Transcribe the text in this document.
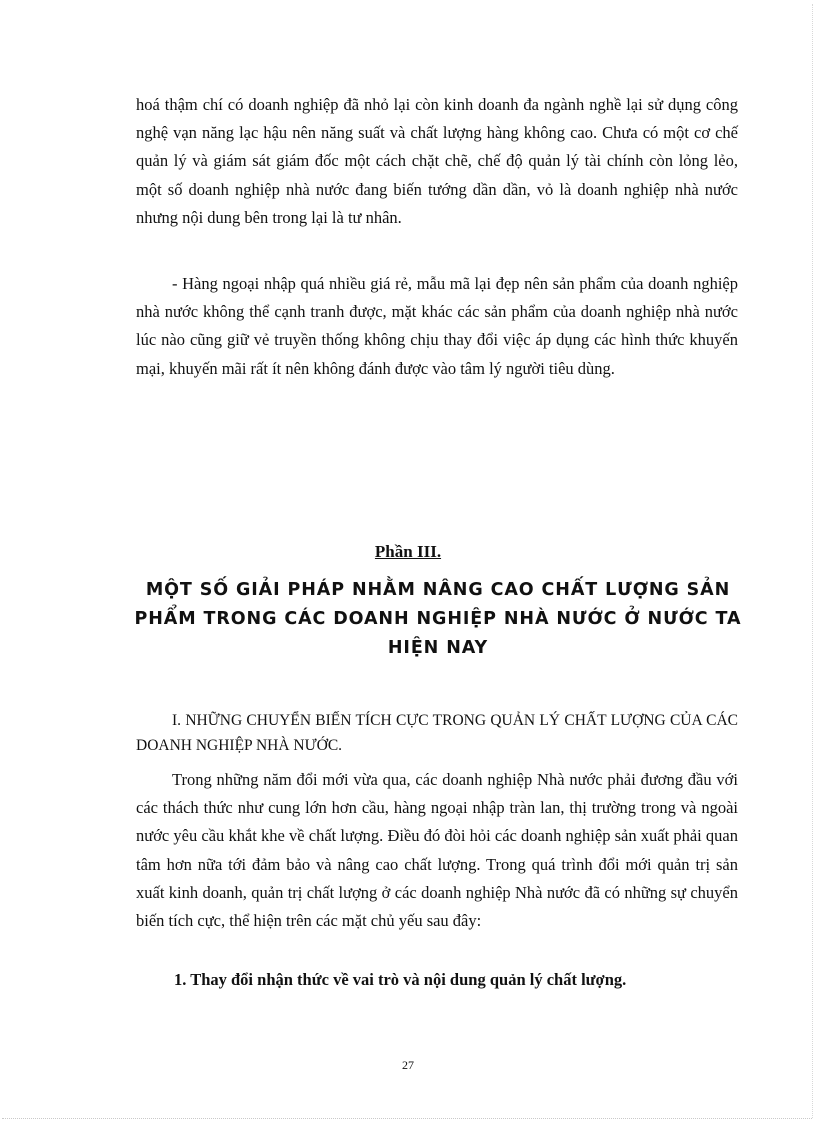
hoá thậm chí có doanh nghiệp đã nhỏ lại còn kinh doanh đa ngành nghề lại sử dụng công nghệ vạn năng lạc hậu nên năng suất và chất lượng hàng không cao. Chưa có một cơ chế quản lý và giám sát giám đốc một cách chặt chẽ, chế độ quản lý tài chính còn lỏng lẻo, một số doanh nghiệp nhà nước đang biến tướng dần dần, vỏ là doanh nghiệp nhà nước nhưng nội dung bên trong lại là tư nhân.

- Hàng ngoại nhập quá nhiều giá rẻ, mẫu mã lại đẹp nên sản phẩm của doanh nghiệp nhà nước không thể cạnh tranh được, mặt khác các sản phẩm của doanh nghiệp nhà nước lúc nào cũng giữ vẻ truyền thống không chịu thay đổi việc áp dụng các hình thức khuyến mại, khuyến mãi rất ít nên không đánh được vào tâm lý người tiêu dùng.

Phần III.

MỘT SỐ GIẢI PHÁP NHẰM NÂNG CAO CHẤT LƯỢNG SẢN PHẨM TRONG CÁC DOANH NGHIỆP NHÀ NƯỚC Ở NƯỚC TA HIỆN NAY

I. NHỮNG CHUYỂN BIẾN TÍCH CỰC TRONG QUẢN LÝ CHẤT LƯỢNG CỦA CÁC DOANH NGHIỆP NHÀ NƯỚC.

Trong những năm đổi mới vừa qua, các doanh nghiệp Nhà nước phải đương đầu với các thách thức như cung lớn hơn cầu, hàng ngoại nhập tràn lan, thị trường trong và ngoài nước yêu cầu khắt khe về chất lượng. Điều đó đòi hỏi các doanh nghiệp sản xuất phải quan tâm hơn nữa tới đảm bảo và nâng cao chất lượng. Trong quá trình đổi mới quản trị sản xuất kinh doanh, quản trị chất lượng ở các doanh nghiệp Nhà nước đã có những sự chuyển biến tích cực, thể hiện trên các mặt chủ yếu sau đây:

1. Thay đổi nhận thức về vai trò và nội dung quản lý chất lượng.

27
